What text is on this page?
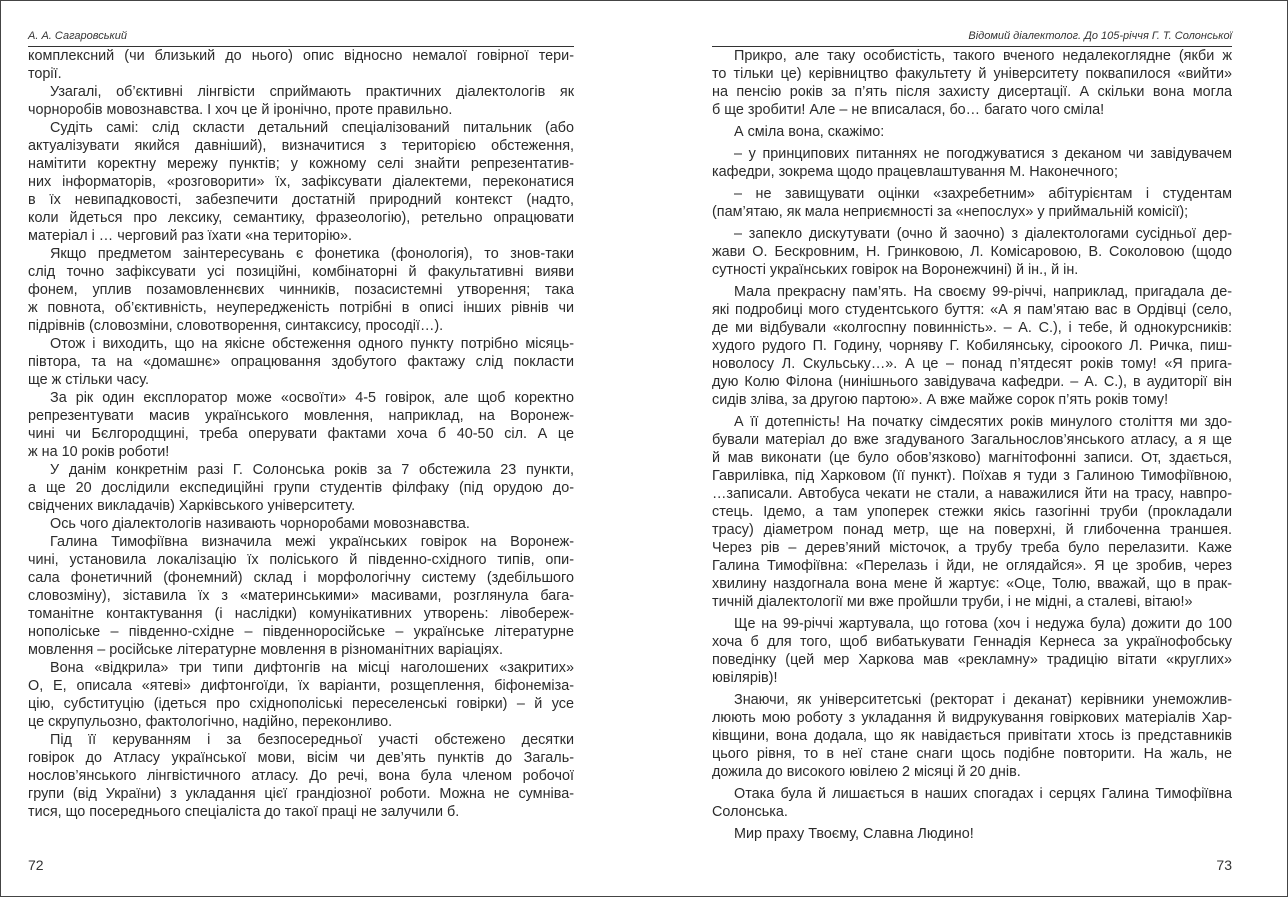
А. А. Сагаровський
комплексний (чи близький до нього) опис відносно немалої говірної тери-
торії.
Узагалі, об’єктивні лінгвісти сприймають практичних діалектологів як
чорноробів мовознавства. І хоч це й іронічно, проте правильно.
Судіть самі: слід скласти детальний спеціалізований питальник (або
актуалізувати якийся давніший), визначитися з територією обстеження,
намітити коректну мережу пунктів; у кожному селі знайти репрезентатив-
них інформаторів, «розговорити» їх, зафіксувати діалектеми, переконатися
в їх невипадковості, забезпечити достатній природний контекст (надто,
коли йдеться про лексику, семантику, фразеологію), ретельно опрацювати
матеріал і … черговий раз їхати «на територію».
Якщо предметом заінтересувань є фонетика (фонологія), то знов-таки
слід точно зафіксувати усі позиційні, комбінаторні й факультативні вияви
фонем, уплив позамовленнєвих чинників, позасистемні утворення; така
ж повнота, об’єктивність, неупередженість потрібні в описі інших рівнів чи
підрівнів (словозміни, словотворення, синтаксису, просодії…).
Отож і виходить, що на якісне обстеження одного пункту потрібно місяць-
півтора, та на «домашнє» опрацювання здобутого фактажу слід покласти
ще ж стільки часу.
За рік один експлоратор може «освоїти» 4-5 говірок, але щоб коректно
репрезентувати масив українського мовлення, наприклад, на Воронеж-
чині чи Бєлгородщині, треба оперувати фактами хоча б 40-50 сіл. А це
ж на 10 років роботи!
У данім конкретнім разі Г. Солонська років за 7 обстежила 23 пункти,
а ще 20 дослідили експедиційні групи студентів філфаку (під орудою до-
свідчених викладачів) Харківського університету.
Ось чого діалектологів називають чорноробами мовознавства.
Галина Тимофіївна визначила межі українських говірок на Воронеж-
чині, установила локалізацію їх поліського й південно-східного типів, опи-
сала фонетичний (фонемний) склад і морфологічну систему (здебільшого
словозміну), зіставила їх з «материнськими» масивами, розглянула бага-
томанітне контактування (і наслідки) комунікативних утворень: лівобереж-
нополіське – південно-східне – південноросійське – українське літературне
мовлення – російське літературне мовлення в різноманітних варіаціях.
Вона «відкрила» три типи дифтонгів на місці наголошених «закритих»
О, Е, описала «ятеві» дифтонгоїди, їх варіанти, розщеплення, біфонемізa-
цію, субституцію (ідеться про східнополіські переселенські говірки) – й усе
це скрупульозно, фактологічно, надійно, переконливо.
Під її керуванням і за безпосередньої участі обстежено десятки
говірок до Атласу української мови, вісім чи дев’ять пунктів до Загаль-
нослов’янського лінгвістичного атласу. До речі, вона була членом робочої
групи (від України) з укладання цієї грандіозної роботи. Можна не сумніва-
тися, що посереднього спеціаліста до такої праці не залучили б.
72
Відомий діалектолог. До 105-річчя Г. Т. Солонської
Прикро, але таку особистість, такого вченого недалекоглядне (якби ж
то тільки це) керівництво факультету й університету поквапилося «вийти»
на пенсію років за п’ять після захисту дисертації. А скільки вона могла
б ще зробити! Але – не вписалася, бо… багато чого сміла!
А сміла вона, скажімо:
– у принципових питаннях не погоджуватися з деканом чи завідувачем
кафедри, зокрема щодо працевлаштування М. Наконечного;
– не завищувати оцінки «захребетним» абітурієнтам і студентам
(пам’ятаю, як мала неприємності за «непослух» у приймальній комісії);
– запекло дискутувати (очно й заочно) з діалектологами сусідньої дер-
жави О. Бескровним, Н. Гринковою, Л. Комісаровою, В. Соколовою (щодо
сутності українських говірок на Воронежчині) й ін., й ін.
Мала прекрасну пам’ять. На своєму 99-річчі, наприклад, пригадала де-
які подробиці мого студентського буття: «А я пам’ятаю вас в Ордівці (село,
де ми відбували «колгоспну повинність». – А. С.), і тебе, й однокурсників:
худого рудого П. Годину, чорняву Г. Кобилянську, сіроокого Л. Ричка, пиш-
новолосу Л. Скульську…». А це – понад п’ятдесят років тому! «Я прига-
дую Колю Філона (нинішнього завідувача кафедри. – А. С.), в аудиторії він
сидів зліва, за другою партою». А вже майже сорок п’ять років тому!
А її дотепність! На початку сімдесятих років минулого століття ми здо-
бували матеріал до вже згадуваного Загальнослов’янського атласу, а я ще
й мав виконати (це було обов’язково) магнітофонні записи. От, здається,
Гаврилівка, під Харковом (її пункт). Поїхав я туди з Галиною Тимофіївною,
…записали. Автобуса чекати не стали, а наважилися йти на трасу, навпро-
стець. Ідемо, а там упоперек стежки якісь газогінні труби (прокладали
трасу) діаметром понад метр, ще на поверхні, й глибоченна траншея.
Через рів – дерев’яний місточок, а трубу треба було перелазити. Каже
Галина Тимофіївна: «Перелазь і йди, не оглядайся». Я це зробив, через
хвилину наздогнала вона мене й жартує: «Оце, Толю, вважай, що в прак-
тичній діалектології ми вже пройшли труби, і не мідні, а сталеві, вітаю!»
Ще на 99-річчі жартувала, що готова (хоч і недужа була) дожити до 100
хоча б для того, щоб вибатькувати Геннадія Кернеса за українофобську
поведінку (цей мер Харкова мав «рекламну» традицію вітати «круглих»
ювілярів)!
Знаючи, як університетські (ректорат і деканат) керівники унеможлив-
люють мою роботу з укладання й видрукування говіркових матеріалів Хар-
ківщини, вона додала, що як навідається привітати хтось із представників
цього рівня, то в неї стане снаги щось подібне повторити. На жаль, не
дожила до високого ювілею 2 місяці й 20 днів.
Отака була й лишається в наших спогадах і серцях Галина Тимофіївна
Солонська.
Мир праху Твоєму, Славна Людино!
73
